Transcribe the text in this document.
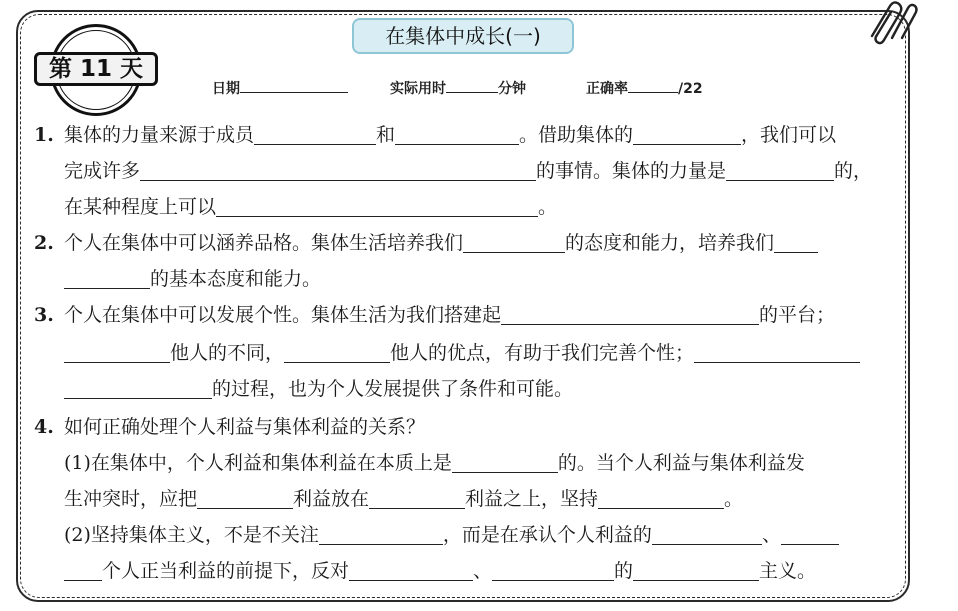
在集体中成长(一)
第 11 天
日期	实际用时	分钟	正确率	/22
1. 集体的力量来源于成员	和	。借助集体的	，我们可以
完成许多	的事情。集体的力量是	的，
在某种程度上可以	。
2. 个人在集体中可以涵养品格。集体生活培养我们	的态度和能力，培养我们
的基本态度和能力。
3. 个人在集体中可以发展个性。集体生活为我们搭建起	的平台；
他人的不同，	他人的优点，有助于我们完善个性；
的过程，也为个人发展提供了条件和可能。
4. 如何正确处理个人利益与集体利益的关系？
(1)在集体中，个人利益和集体利益在本质上是	的。当个人利益与集体利益发
生冲突时，应把	利益放在	利益之上，坚持	。
(2)坚持集体主义，不是不关注	，而是在承认个人利益的	、
个人正当利益的前提下，反对	、	的	主义。
